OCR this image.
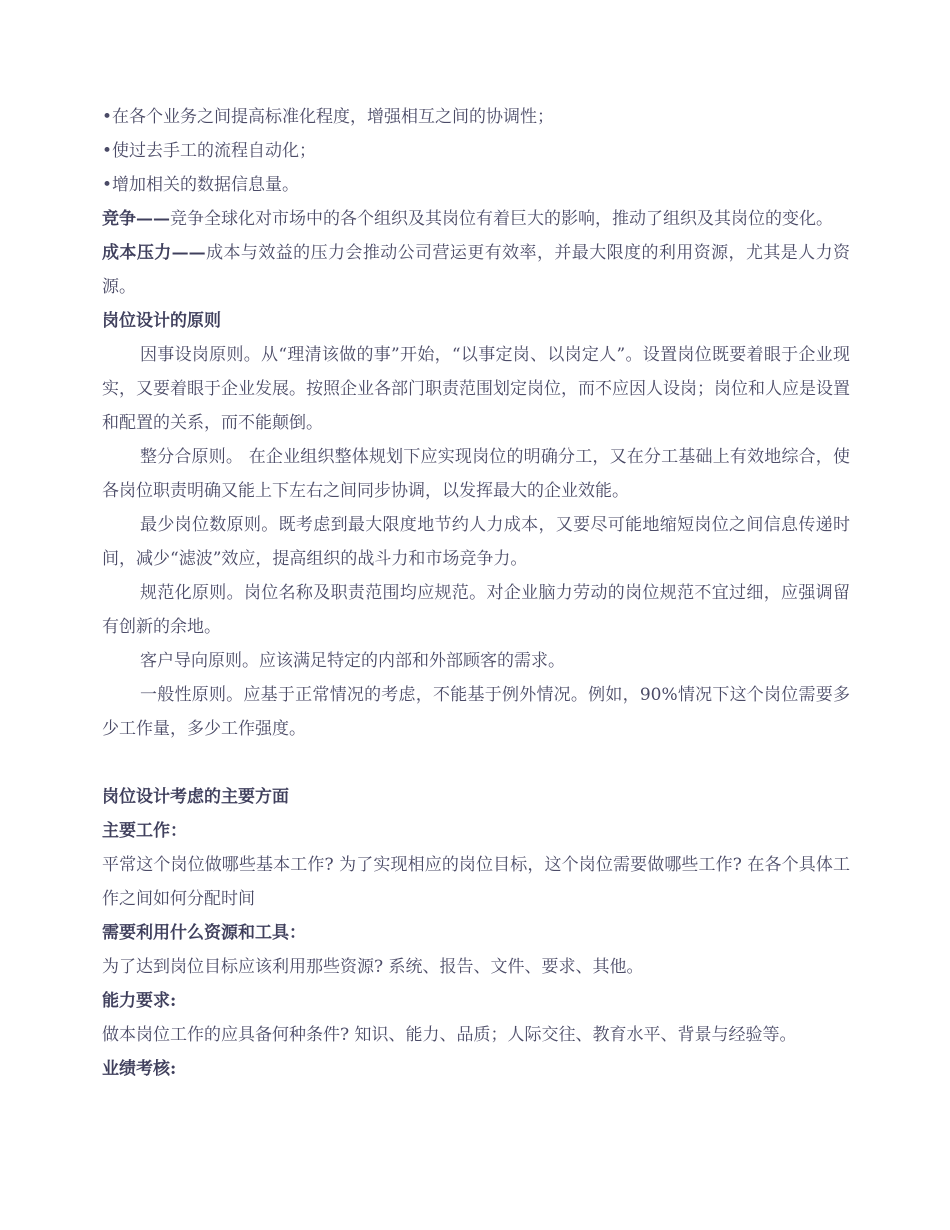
•在各个业务之间提高标准化程度，增强相互之间的协调性；
•使过去手工的流程自动化；
•增加相关的数据信息量。
竞争——竞争全球化对市场中的各个组织及其岗位有着巨大的影响，推动了组织及其岗位的变化。
成本压力——成本与效益的压力会推动公司营运更有效率，并最大限度的利用资源，尤其是人力资源。
岗位设计的原则
因事设岗原则。从“理清该做的事”开始，“以事定岗、以岗定人”。设置岗位既要着眼于企业现实，又要着眼于企业发展。按照企业各部门职责范围划定岗位，而不应因人设岗；岗位和人应是设置和配置的关系，而不能颠倒。
整分合原则。 在企业组织整体规划下应实现岗位的明确分工，又在分工基础上有效地综合，使各岗位职责明确又能上下左右之间同步协调，以发挥最大的企业效能。
最少岗位数原则。既考虑到最大限度地节约人力成本，又要尽可能地缩短岗位之间信息传递时间，减少“滤波”效应，提高组织的战斗力和市场竞争力。
规范化原则。岗位名称及职责范围均应规范。对企业脑力劳动的岗位规范不宜过细，应强调留有创新的余地。
客户导向原则。应该满足特定的内部和外部顾客的需求。
一般性原则。应基于正常情况的考虑，不能基于例外情况。例如，90%情况下这个岗位需要多少工作量，多少工作强度。
岗位设计考虑的主要方面
主要工作：
平常这个岗位做哪些基本工作? 为了实现相应的岗位目标，这个岗位需要做哪些工作? 在各个具体工作之间如何分配时间
需要利用什么资源和工具：
为了达到岗位目标应该利用那些资源? 系统、报告、文件、要求、其他。
能力要求:
做本岗位工作的应具备何种条件? 知识、能力、品质；人际交往、教育水平、背景与经验等。
业绩考核:
